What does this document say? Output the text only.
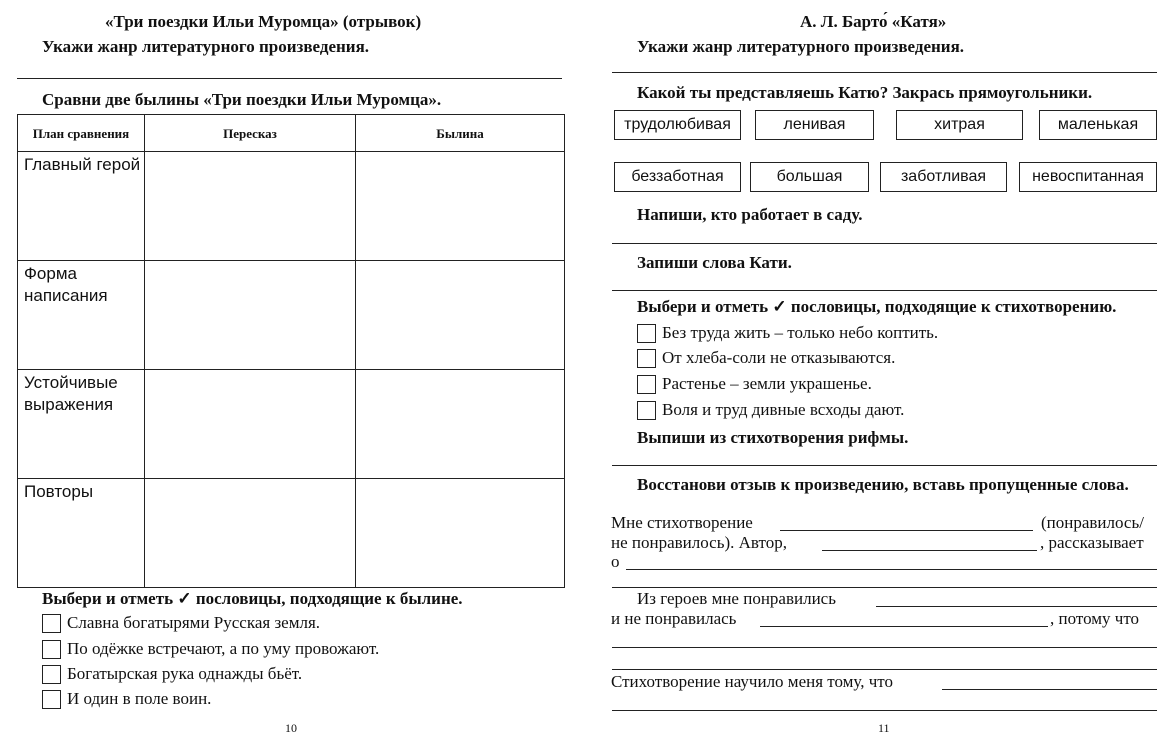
«Три поездки Ильи Муромца» (отрывок)
Укажи жанр литературного произведения.
Сравни две былины «Три поездки Ильи Муромца».
План сравнения	Пересказ	Былина
Главный герой		
Форма написания		
Устойчивые выражения		
Повторы		
Выбери и отметь ✓ пословицы, подходящие к былине.
Славна богатырями Русская земля.
По одёжке встречают, а по уму провожают.
Богатырская рука однажды бьёт.
И один в поле воин.
10
А. Л. Барто́ «Катя»
Укажи жанр литературного произведения.
Какой ты представляешь Катю? Закрась прямоугольники.
трудолюбивая	ленивая	хитрая	маленькая
беззаботная	большая	заботливая	невоспитанная
Напиши, кто работает в саду.
Запиши слова Кати.
Выбери и отметь ✓ пословицы, подходящие к стихотворению.
Без труда жить – только небо коптить.
От хлеба-соли не отказываются.
Растенье – земли украшенье.
Воля и труд дивные всходы дают.
Выпиши из стихотворения рифмы.
Восстанови отзыв к произведению, вставь пропущенные слова.
Мне стихотворение	(понравилось/
не понравилось). Автор,	, рассказывает
о
Из героев мне понравились
и не понравилась	, потому что
Стихотворение научило меня тому, что
11
